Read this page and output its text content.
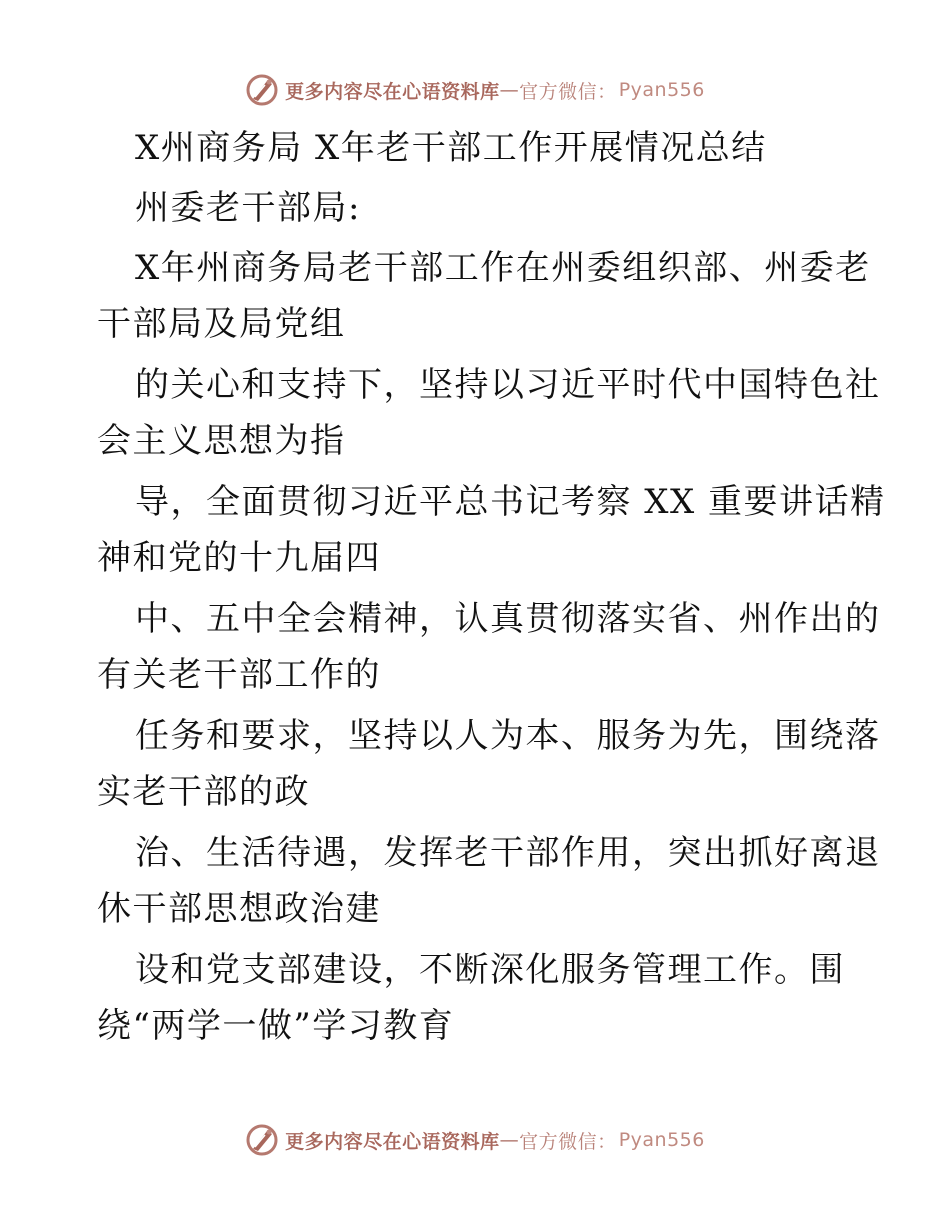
更多内容尽在心语资料库 — 官方微信： Pyan556
X州商务局 X年老干部工作开展情况总结
州委老干部局:
X年州商务局老干部工作在州委组织部、州委老
干部局及局党组
的关心和支持下，坚持以习近平时代中国特色社
会主义思想为指
导，全面贯彻习近平总书记考察 XX 重要讲话精
神和党的十九届四
中、五中全会精神，认真贯彻落实省、州作出的
有关老干部工作的
任务和要求，坚持以人为本、服务为先，围绕落
实老干部的政
治、生活待遇，发挥老干部作用，突出抓好离退
休干部思想政治建
设和党支部建设，不断深化服务管理工作。围
绕“两学一做”学习教育
更多内容尽在心语资料库 — 官方微信： Pyan556
